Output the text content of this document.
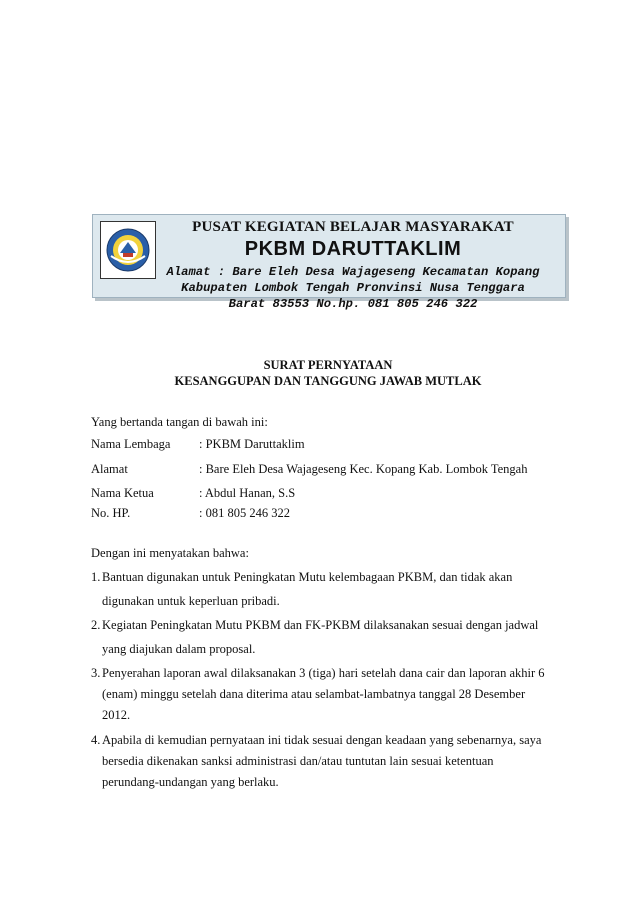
PUSAT KEGIATAN BELAJAR MASYARAKAT
PKBM DARUTTAKLIM
Alamat : Bare Eleh Desa Wajageseng Kecamatan Kopang
Kabupaten Lombok Tengah Pronvinsi Nusa Tenggara
Barat 83553 No.hp. 081 805 246 322
SURAT PERNYATAAN
KESANGGUPAN DAN TANGGUNG JAWAB MUTLAK
Yang bertanda tangan di bawah ini:
Nama Lembaga : PKBM Daruttaklim
Alamat	: Bare Eleh Desa Wajageseng Kec. Kopang Kab. Lombok Tengah
Nama Ketua	: Abdul Hanan, S.S
No. HP.	: 081 805 246 322
Dengan ini menyatakan bahwa:
1. Bantuan digunakan untuk Peningkatan Mutu kelembagaan PKBM, dan tidak akan
digunakan untuk keperluan pribadi.
2. Kegiatan Peningkatan Mutu PKBM dan FK-PKBM dilaksanakan sesuai dengan jadwal
yang diajukan dalam proposal.
3. Penyerahan laporan awal dilaksanakan 3 (tiga) hari setelah dana cair dan laporan akhir 6
(enam) minggu setelah dana diterima atau selambat-lambatnya tanggal 28 Desember
2012.
4. Apabila di kemudian pernyataan ini tidak sesuai dengan keadaan yang sebenarnya, saya
bersedia dikenakan sanksi administrasi dan/atau tuntutan lain sesuai ketentuan
perundang-undangan yang berlaku.
